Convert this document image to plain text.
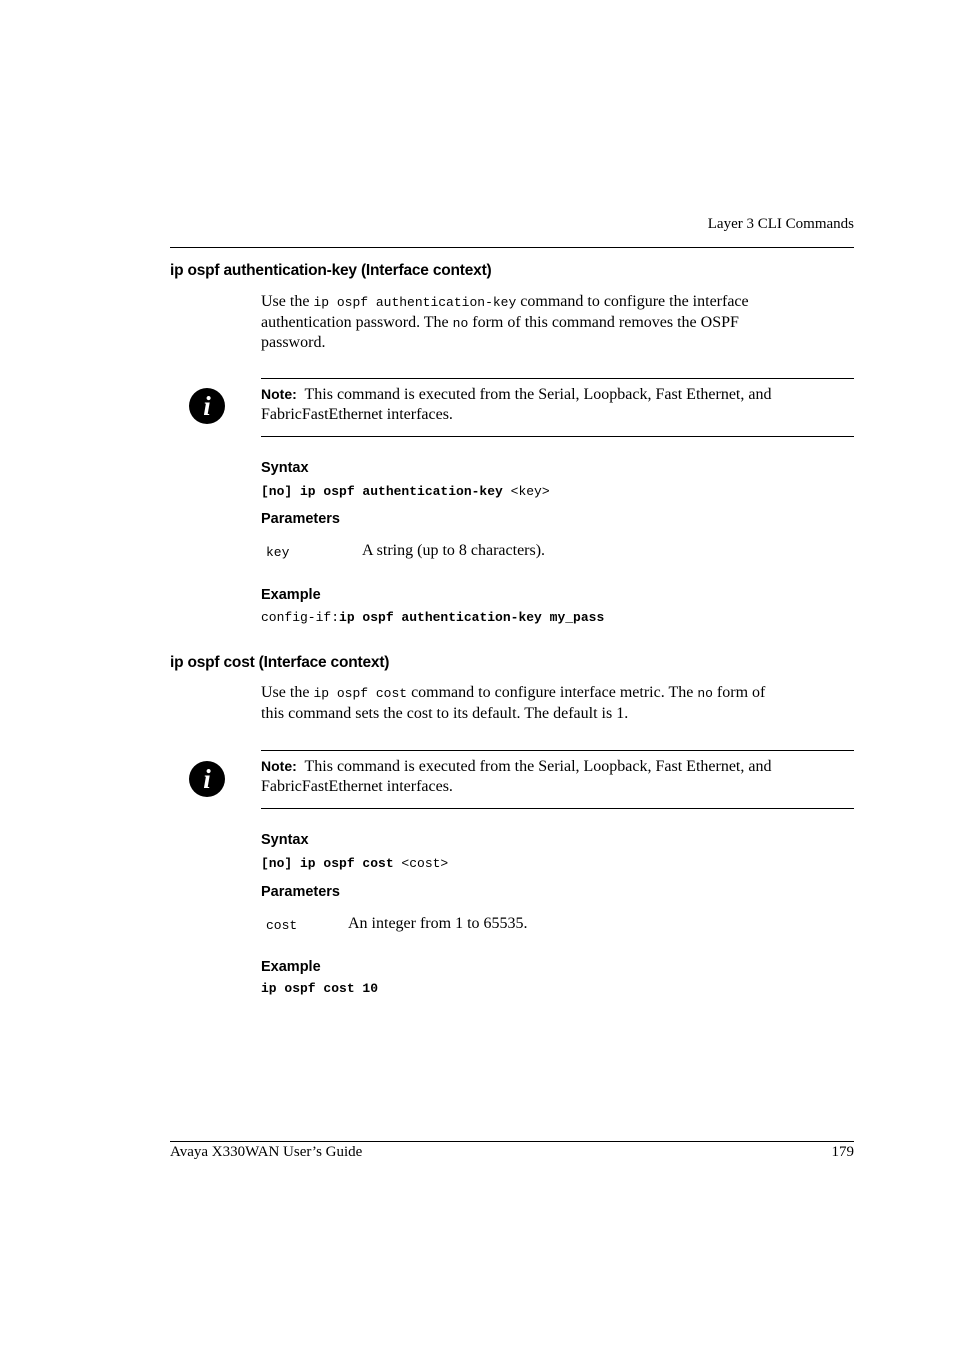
Layer 3 CLI Commands
ip ospf authentication-key (Interface context)
Use the ip ospf authentication-key command to configure the interface
authentication password. The no form of this command removes the OSPF
password.
i	Note: This command is executed from the Serial, Loopback, Fast Ethernet, and
FabricFastEthernet interfaces.
Syntax
[no] ip ospf authentication-key <key>
Parameters
key	A string (up to 8 characters).
Example
config-if:ip ospf authentication-key my_pass
ip ospf cost (Interface context)
Use the ip ospf cost command to configure interface metric. The no form of
this command sets the cost to its default. The default is 1.
i	Note: This command is executed from the Serial, Loopback, Fast Ethernet, and
FabricFastEthernet interfaces.
Syntax
[no] ip ospf cost <cost>
Parameters
cost	An integer from 1 to 65535.
Example
ip ospf cost 10
Avaya X330WAN User’s Guide	179
